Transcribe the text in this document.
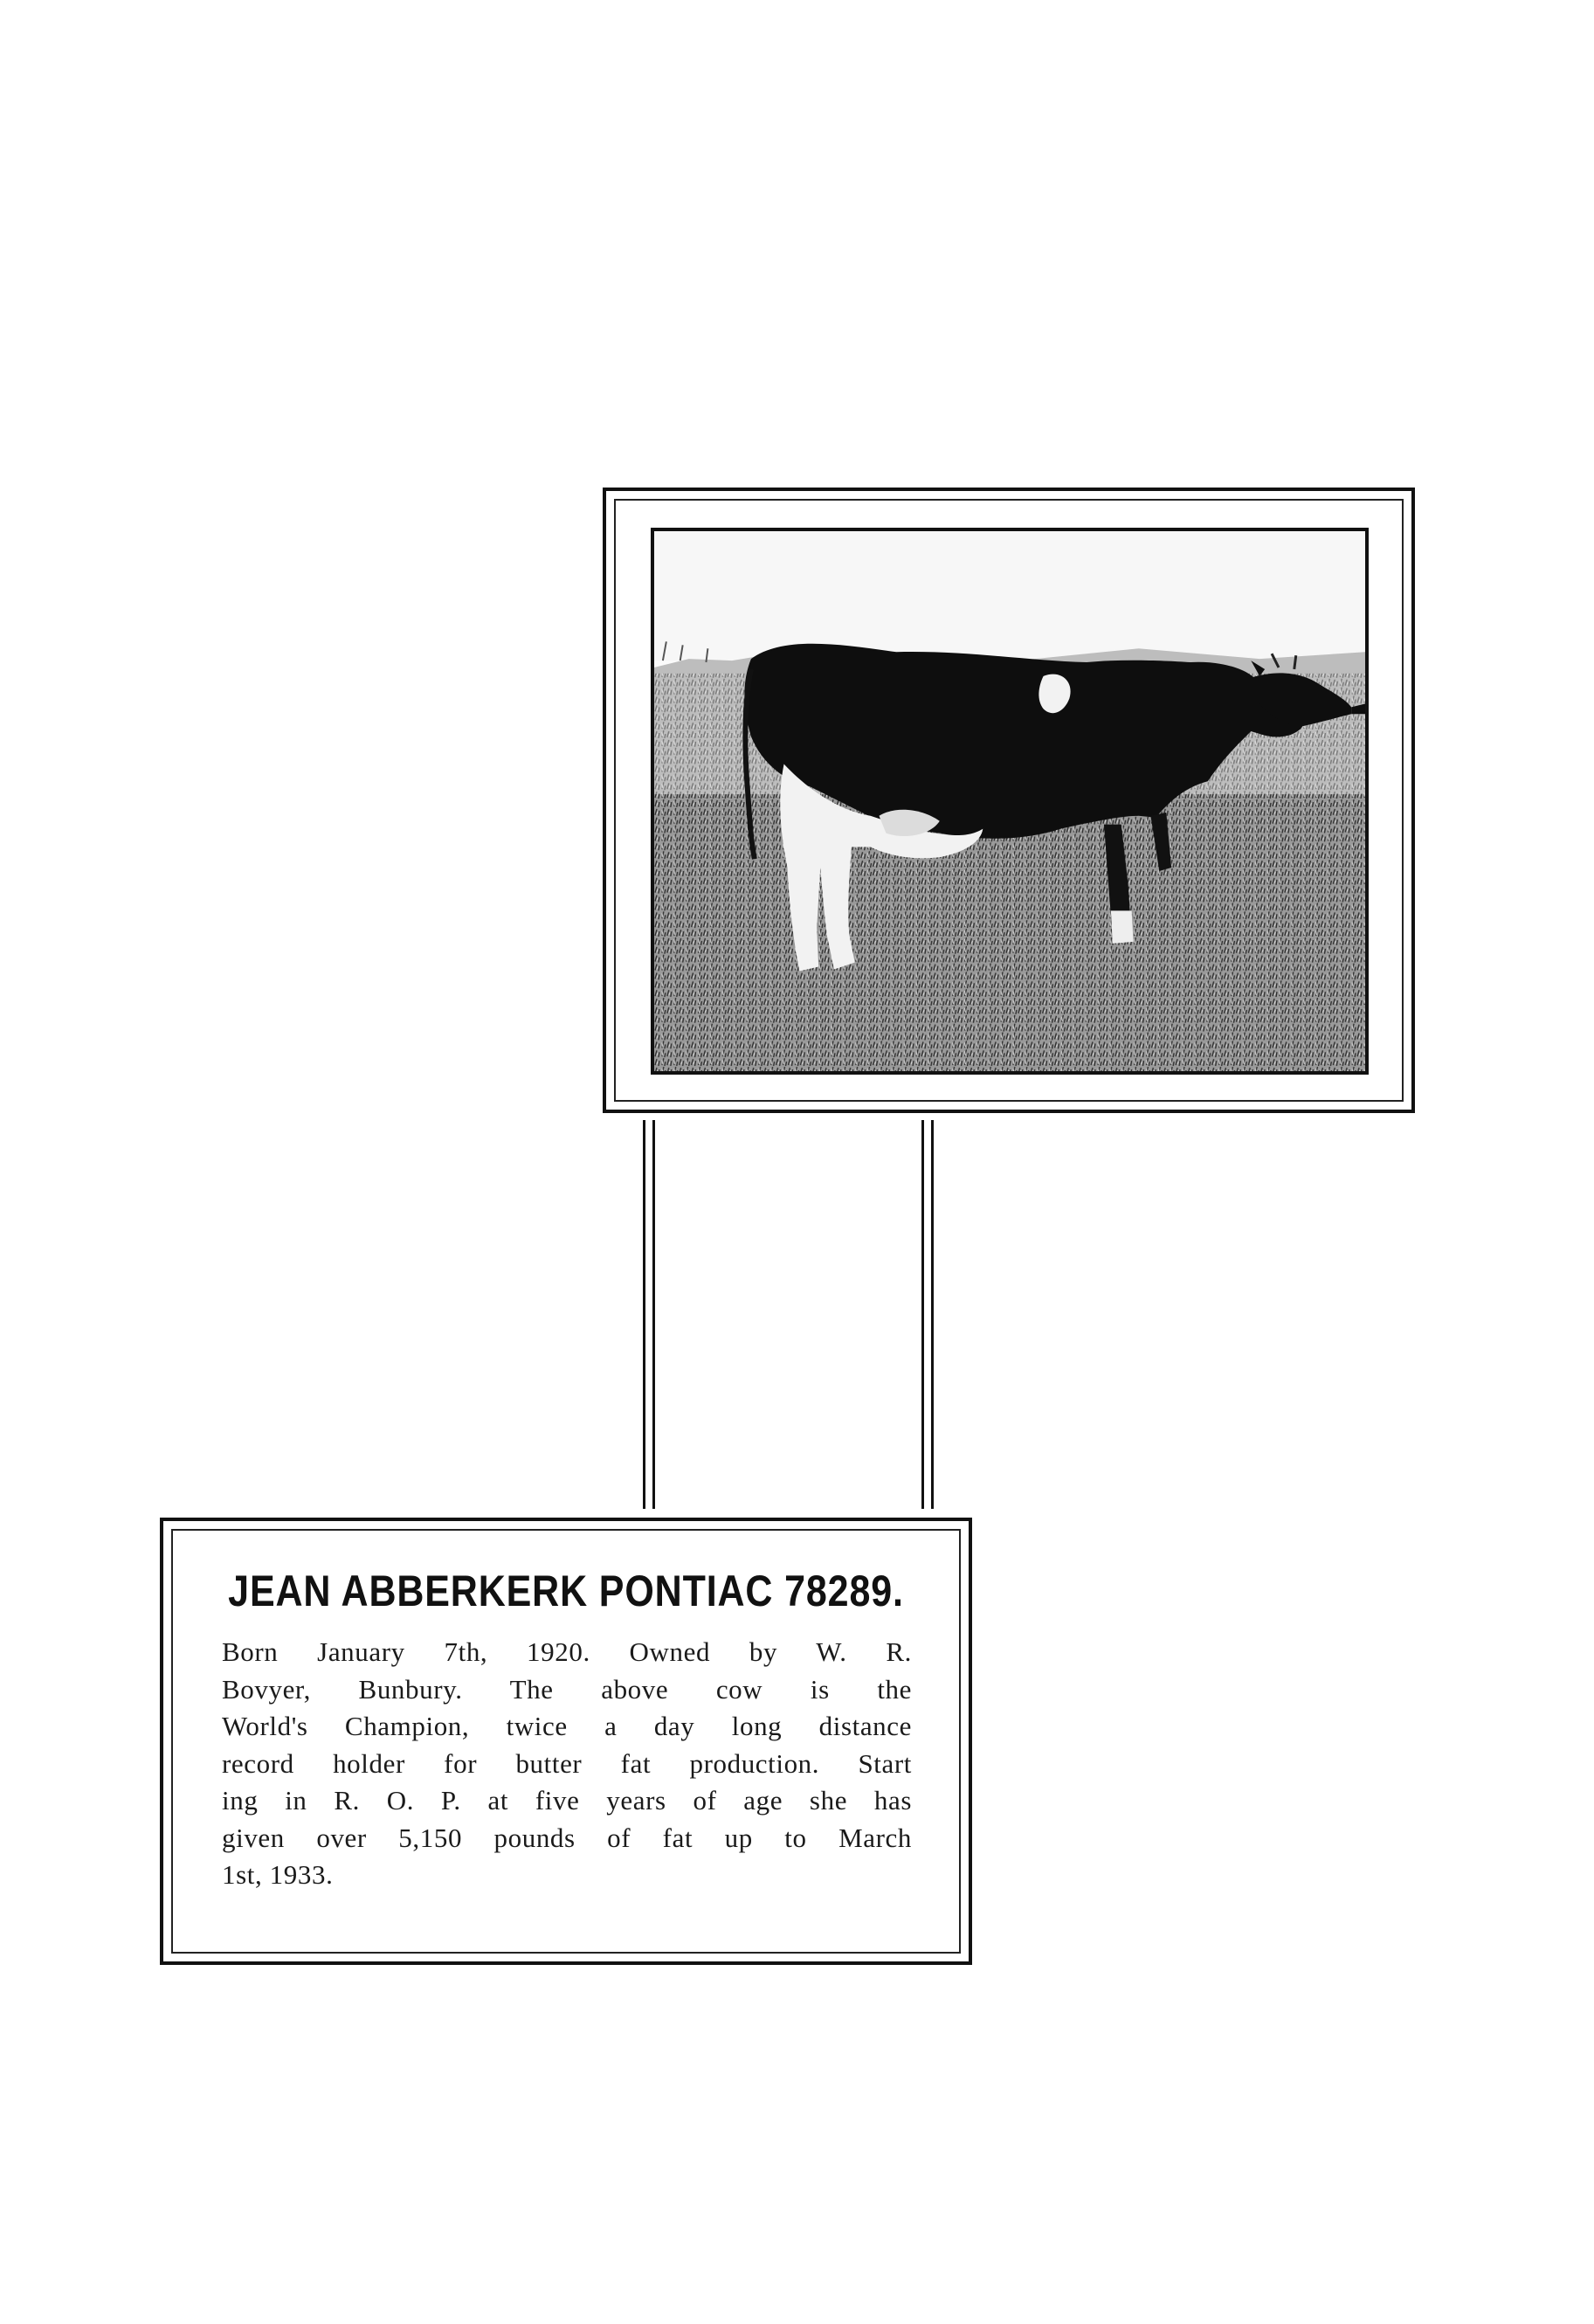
JEAN ABBERKERK PONTIAC 78289.
Born January 7th, 1920. Owned by W. R.
Bovyer, Bunbury. The above cow is the
World's Champion, twice a day long distance
record holder for butter fat production. Start
ing in R. O. P. at five years of age she has
given over 5,150 pounds of fat up to March
1st, 1933.
